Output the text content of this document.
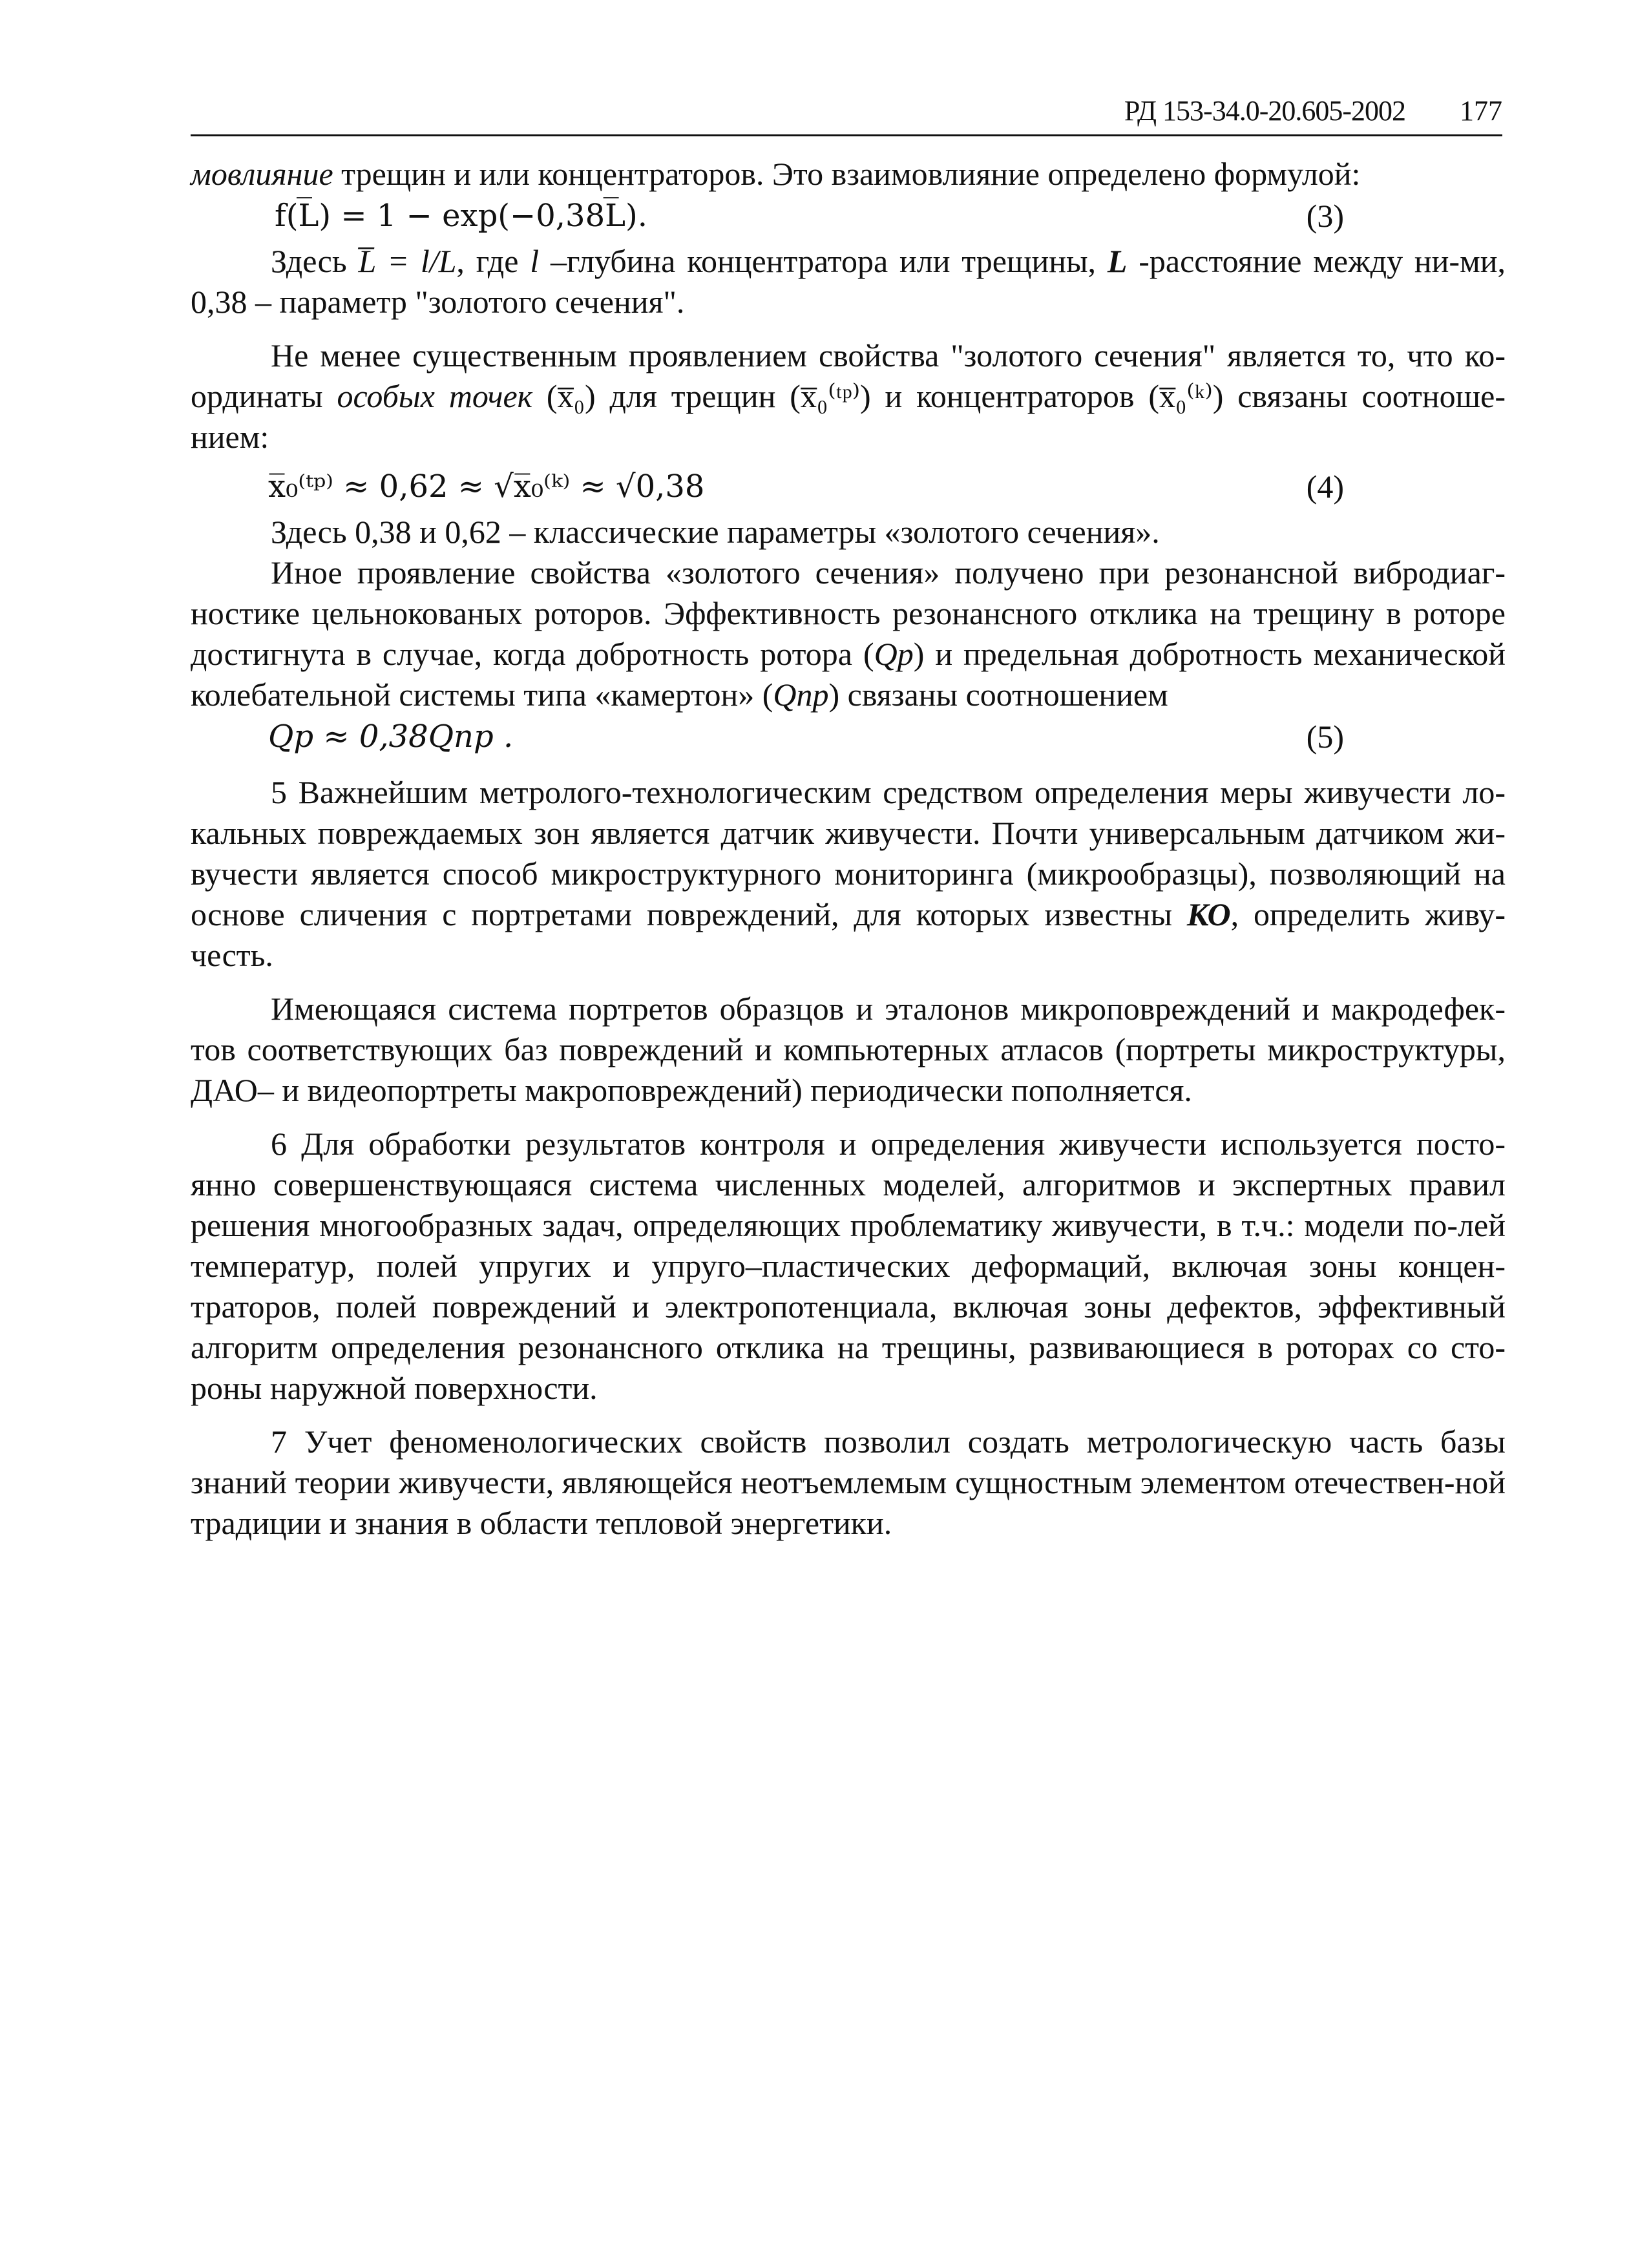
РД 153-34.0-20.605-2002 177

мовлияние трещин и или концентраторов. Это взаимовлияние определено формулой:

f(L̅) = 1 − exp(−0,38L̅).	(3)

Здесь L̅ = l/L, где l –глубина концентратора или трещины, L -расстояние между ни-ми, 0,38 – параметр "золотого сечения".

Не менее существенным проявлением свойства "золотого сечения" является то, что ко-ординаты особых точек (x̅₀) для трещин (x̅₀⁽ᵗᵖ⁾) и концентраторов (x̅₀⁽ᵏ⁾) связаны соотноше-нием:

x̅₀⁽ᵗᵖ⁾ ≈ 0,62 ≈ √x̅₀⁽ᵏ⁾ ≈ √0,38	(4)

Здесь 0,38 и 0,62 – классические параметры «золотого сечения».

Иное проявление свойства «золотого сечения» получено при резонансной вибродиаг-ностике цельнокованых роторов. Эффективность резонансного отклика на трещину в роторе достигнута в случае, когда добротность ротора (Qр) и предельная добротность механической колебательной системы типа «камертон» (Qпр) связаны соотношением

Qр ≈ 0,38Qпр .	(5)

5 Важнейшим метролого-технологическим средством определения меры живучести ло-кальных повреждаемых зон является датчик живучести. Почти универсальным датчиком жи-вучести является способ микроструктурного мониторинга (микрообразцы), позволяющий на основе сличения с портретами повреждений, для которых известны КО, определить живу-честь.

Имеющаяся система портретов образцов и эталонов микроповреждений и макродефек-тов соответствующих баз повреждений и компьютерных атласов (портреты микроструктуры, ДАО– и видеопортреты макроповреждений) периодически пополняется.

6 Для обработки результатов контроля и определения живучести используется посто-янно совершенствующаяся система численных моделей, алгоритмов и экспертных правил решения многообразных задач, определяющих проблематику живучести, в т.ч.: модели по-лей температур, полей упругих и упруго–пластических деформаций, включая зоны концен-траторов, полей повреждений и электропотенциала, включая зоны дефектов, эффективный алгоритм определения резонансного отклика на трещины, развивающиеся в роторах со сто-роны наружной поверхности.

7 Учет феноменологических свойств позволил создать метрологическую часть базы знаний теории живучести, являющейся неотъемлемым сущностным элементом отечествен-ной традиции и знания в области тепловой энергетики.
